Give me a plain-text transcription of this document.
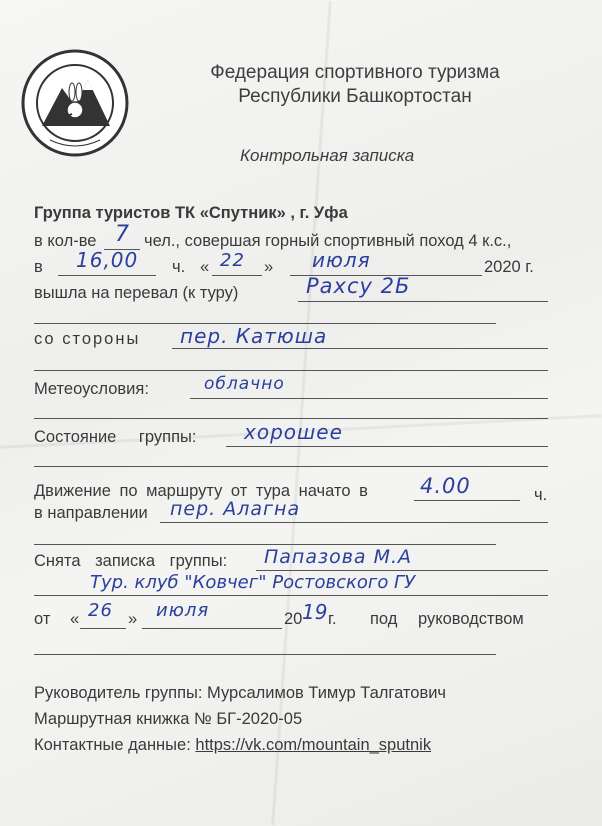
Федерация спортивного туризма
Республики Башкортостан
Контрольная записка
Группа туристов ТК «Спутник» , г. Уфа
в кол-ве 7 чел., совершая горный спортивный поход 4 к.с.,
в 16,00 ч. « 22 » июля	2020 г.
вышла на перевал (к туру)	Рахсу 2Б
со стороны пер. Катюша
Метеоусловия:	облачно
Состояние группы: хорошее
Движение по маршруту от тура начато в 4.00	ч.
в направлении пер. Алагна
Снята записка группы: Папазова М.А
Тур. клуб "Ковчег" Ростовского ГУ
от « 26 » июля	20 19 г. под руководством
Руководитель группы: Мурсалимов Тимур Талгатович
Маршрутная книжка № БГ-2020-05
Контактные данные: https://vk.com/mountain_sputnik
